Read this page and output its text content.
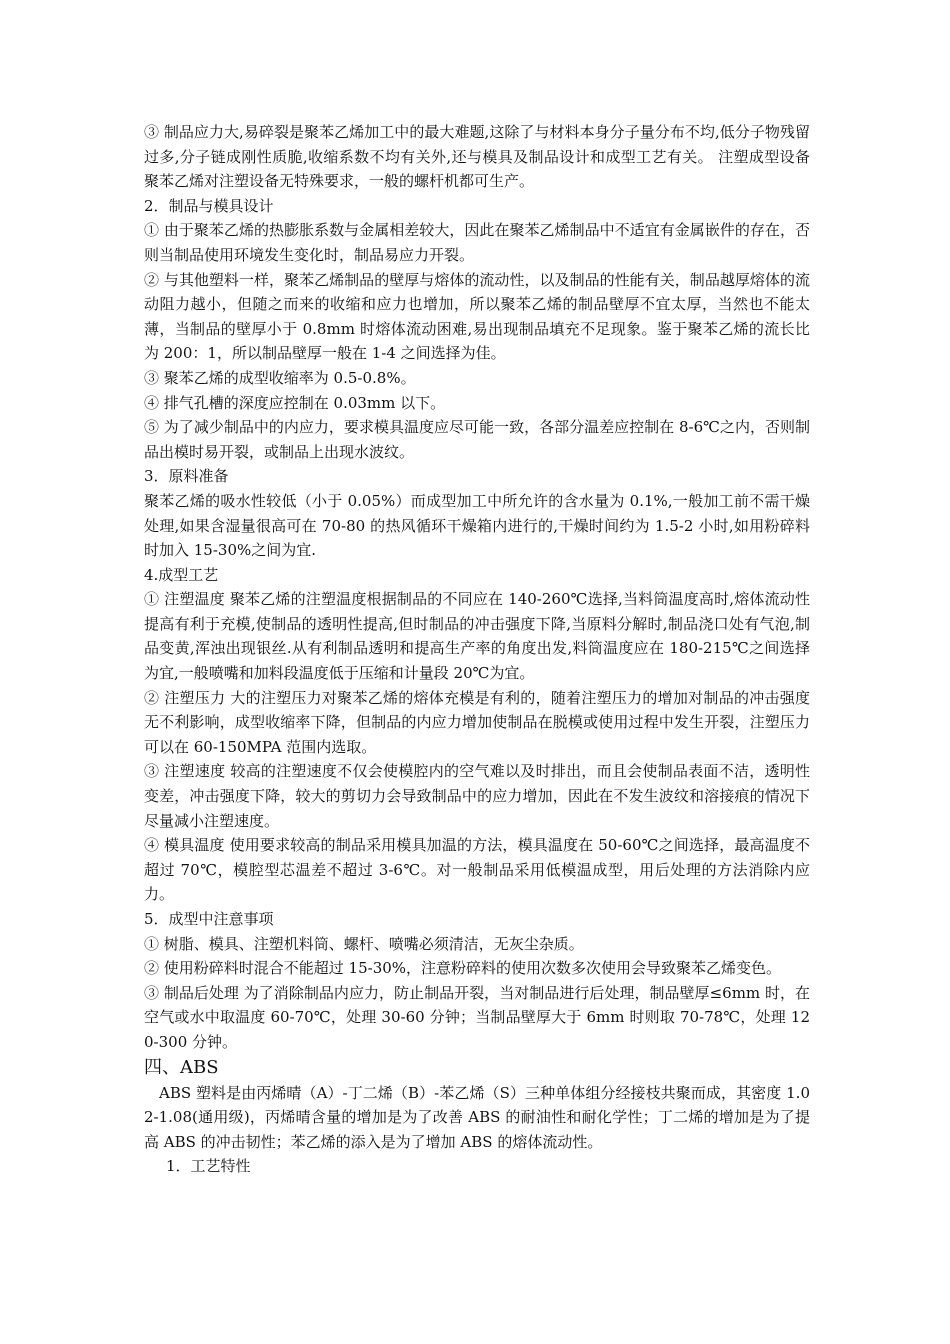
③ 制品应力大,易碎裂是聚苯乙烯加工中的最大难题,这除了与材料本身分子量分布不均,低分子物残留过多,分子链成刚性质脆,收缩系数不均有关外,还与模具及制品设计和成型工艺有关。 注塑成型设备 聚苯乙烯对注塑设备无特殊要求，一般的螺杆机都可生产。

2．制品与模具设计

① 由于聚苯乙烯的热膨胀系数与金属相差较大，因此在聚苯乙烯制品中不适宜有金属嵌件的存在，否则当制品使用环境发生变化时，制品易应力开裂。

② 与其他塑料一样，聚苯乙烯制品的壁厚与熔体的流动性，以及制品的性能有关，制品越厚熔体的流动阻力越小，但随之而来的收缩和应力也增加，所以聚苯乙烯的制品壁厚不宜太厚，当然也不能太薄，当制品的壁厚小于 0.8mm 时熔体流动困难,易出现制品填充不足现象。鉴于聚苯乙烯的流长比为 200：1，所以制品壁厚一般在 1-4 之间选择为佳。

③ 聚苯乙烯的成型收缩率为 0.5-0.8%。

④ 排气孔槽的深度应控制在 0.03mm 以下。

⑤ 为了减少制品中的内应力，要求模具温度应尽可能一致，各部分温差应控制在 8-6℃之内，否则制品出模时易开裂，或制品上出现水波纹。

3．原料准备

聚苯乙烯的吸水性较低（小于 0.05%）而成型加工中所允许的含水量为 0.1%,一般加工前不需干燥处理,如果含湿量很高可在 70-80 的热风循环干燥箱内进行的,干燥时间约为 1.5-2 小时,如用粉碎料时加入 15-30%之间为宜.

4.成型工艺

① 注塑温度 聚苯乙烯的注塑温度根据制品的不同应在 140-260℃选择,当料筒温度高时,熔体流动性提高有利于充模,使制品的透明性提高,但时制品的冲击强度下降,当原料分解时,制品浇口处有气泡,制品变黄,浑浊出现银丝.从有利制品透明和提高生产率的角度出发,料筒温度应在 180-215℃之间选择为宜,一般喷嘴和加料段温度低于压缩和计量段 20℃为宜。

② 注塑压力 大的注塑压力对聚苯乙烯的熔体充模是有利的，随着注塑压力的增加对制品的冲击强度无不利影响，成型收缩率下降，但制品的内应力增加使制品在脱模或使用过程中发生开裂，注塑压力可以在 60-150MPA 范围内选取。

③ 注塑速度 较高的注塑速度不仅会使模腔内的空气难以及时排出，而且会使制品表面不洁，透明性变差，冲击强度下降，较大的剪切力会导致制品中的应力增加，因此在不发生波纹和溶接痕的情况下尽量减小注塑速度。

④ 模具温度 使用要求较高的制品采用模具加温的方法，模具温度在 50-60℃之间选择，最高温度不超过 70℃，模腔型芯温差不超过 3-6℃。对一般制品采用低模温成型，用后处理的方法消除内应力。

5．成型中注意事项

① 树脂、模具、注塑机料筒、螺杆、喷嘴必须清洁，无灰尘杂质。

② 使用粉碎料时混合不能超过 15-30%，注意粉碎料的使用次数多次使用会导致聚苯乙烯变色。

③ 制品后处理 为了消除制品内应力，防止制品开裂，当对制品进行后处理，制品壁厚≤6mm 时，在空气或水中取温度 60-70℃，处理 30-60 分钟；当制品壁厚大于 6mm 时则取 70-78℃，处理 120-300 分钟。

四、ABS

ABS 塑料是由丙烯晴（A）-丁二烯（B）-苯乙烯（S）三种单体组分经接枝共聚而成，其密度 1.02-1.08(通用级)，丙烯晴含量的增加是为了改善 ABS 的耐油性和耐化学性；丁二烯的增加是为了提高 ABS 的冲击韧性；苯乙烯的添入是为了增加 ABS 的熔体流动性。

1．工艺特性
